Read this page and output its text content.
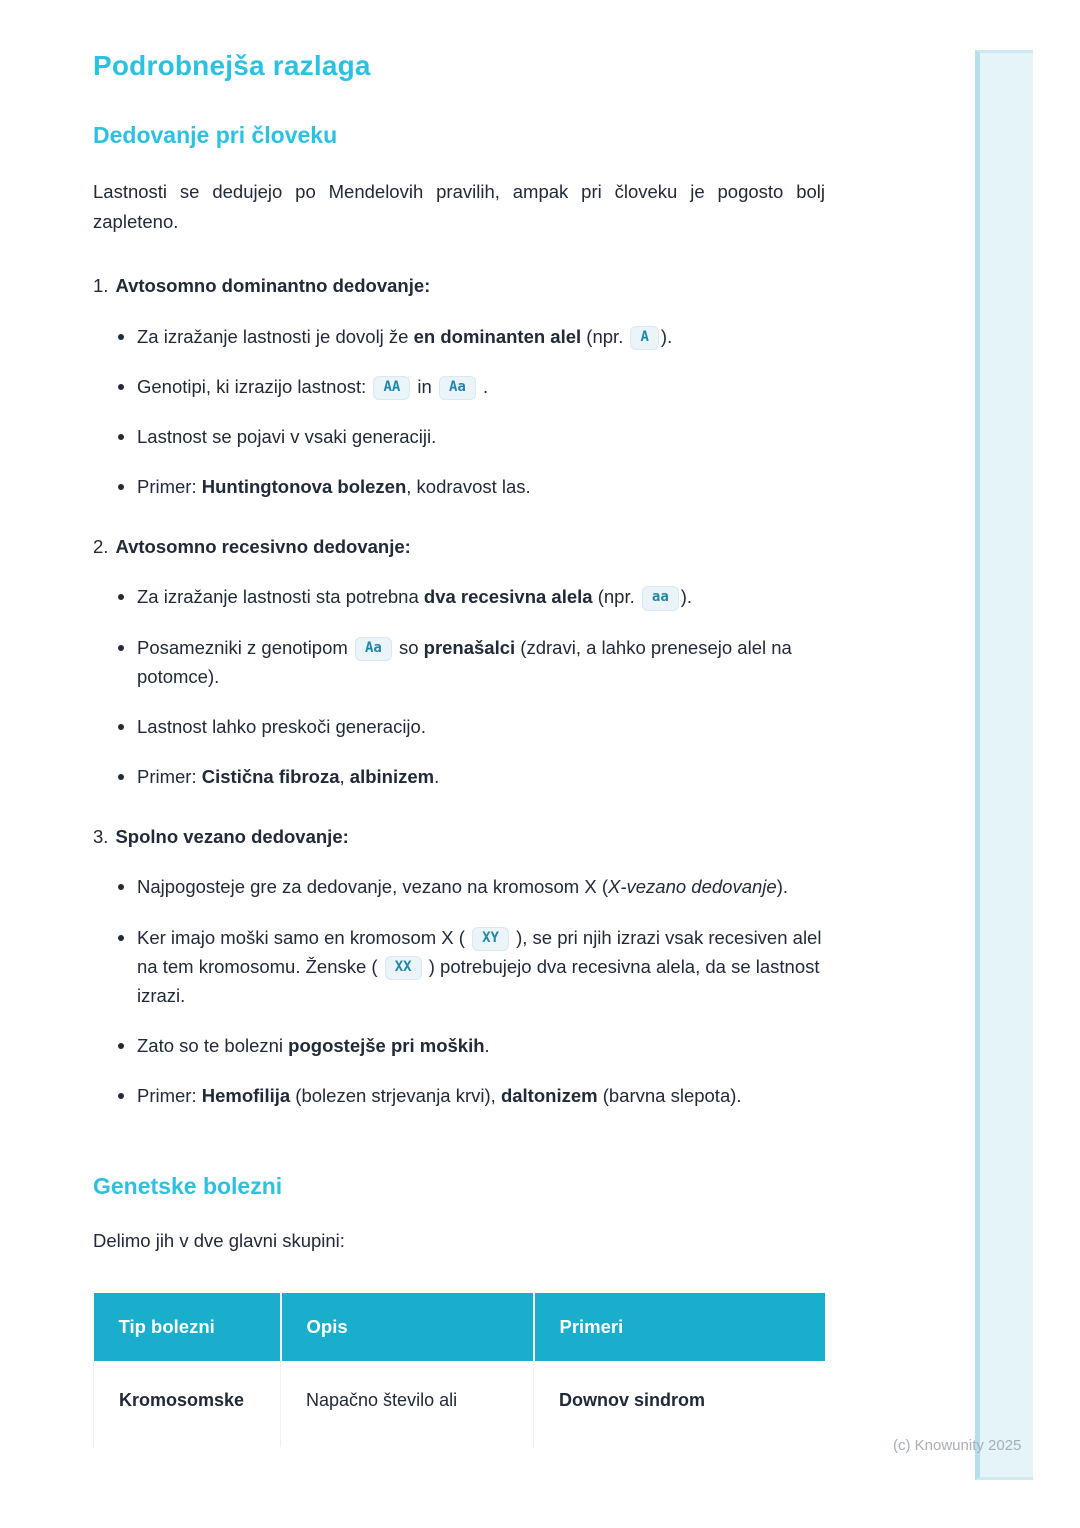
Podrobnejša razlaga
Dedovanje pri človeku

Lastnosti se dedujejo po Mendelovih pravilih, ampak pri človeku je pogosto bolj zapleteno.

1. Avtosomno dominantno dedovanje:
Za izražanje lastnosti je dovolj že en dominanten alel (npr. A ).
Genotipi, ki izrazijo lastnost: AA in Aa .
Lastnost se pojavi v vsaki generaciji.
Primer: Huntingtonova bolezen, kodravost las.
2. Avtosomno recesivno dedovanje:
Za izražanje lastnosti sta potrebna dva recesivna alela (npr. aa ).
Posamezniki z genotipom Aa so prenašalci (zdravi, a lahko prenesejo alel na potomce).
Lastnost lahko preskoči generacijo.
Primer: Cistična fibroza, albinizem.
3. Spolno vezano dedovanje:
Najpogosteje gre za dedovanje, vezano na kromosom X (X-vezano dedovanje).
Ker imajo moški samo en kromosom X ( XY ), se pri njih izrazi vsak recesiven alel na tem kromosomu. Ženske ( XX ) potrebujejo dva recesivna alela, da se lastnost izrazi.
Zato so te bolezni pogostejše pri moških.
Primer: Hemofilija (bolezen strjevanja krvi), daltonizem (barvna slepota).
Genetske bolezni

Delimo jih v dve glavni skupini:

Tip bolezni	Opis	Primeri
Kromosomske	Napačno število ali	Downov sindrom
(c) Knowunity 2025
